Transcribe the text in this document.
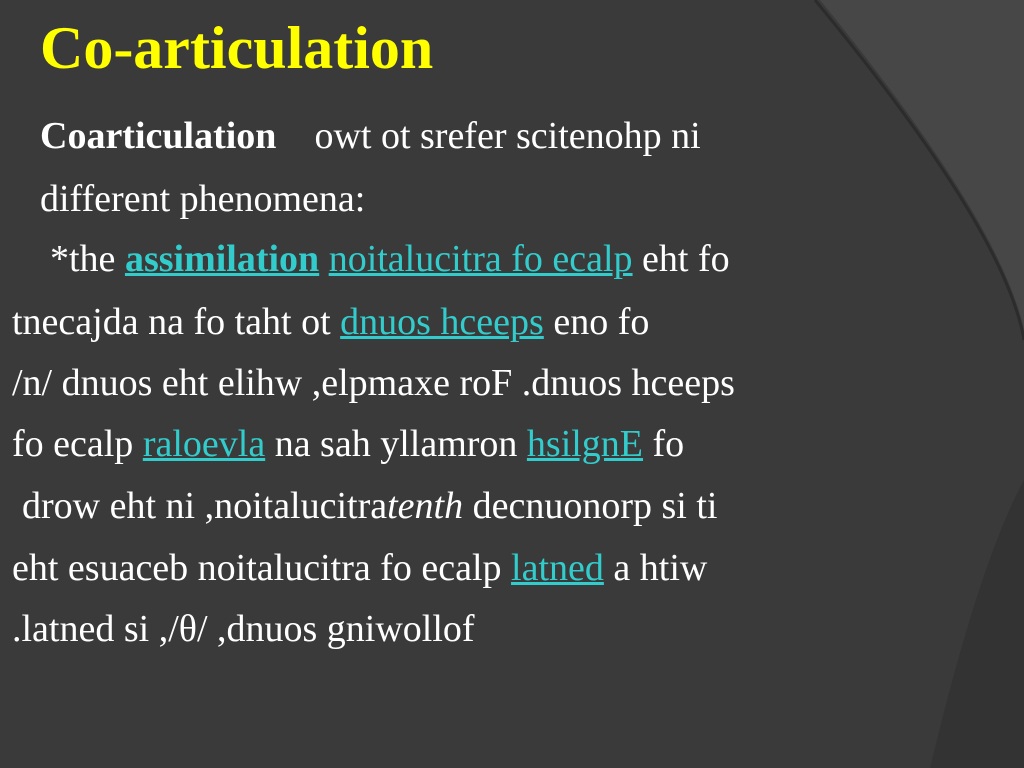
Co-articulation
Coarticulation owt ot srefer scitenohp ni
different phenomena:
*the assimilation noitalucitra fo ecalp eht fo
tnecajda na fo taht ot dnuos hceeps eno fo
/n/ dnuos eht elihw ,elpmaxe roF .dnuos hceeps
fo ecalp raloevla na sah yllamron hsilgnE fo
drow eht ni ,noitalucitratenth decnuonorp si ti
eht esuaceb noitalucitra fo ecalp latned a htiw
.latned si ,/θ/ ,dnuos gniwollof
